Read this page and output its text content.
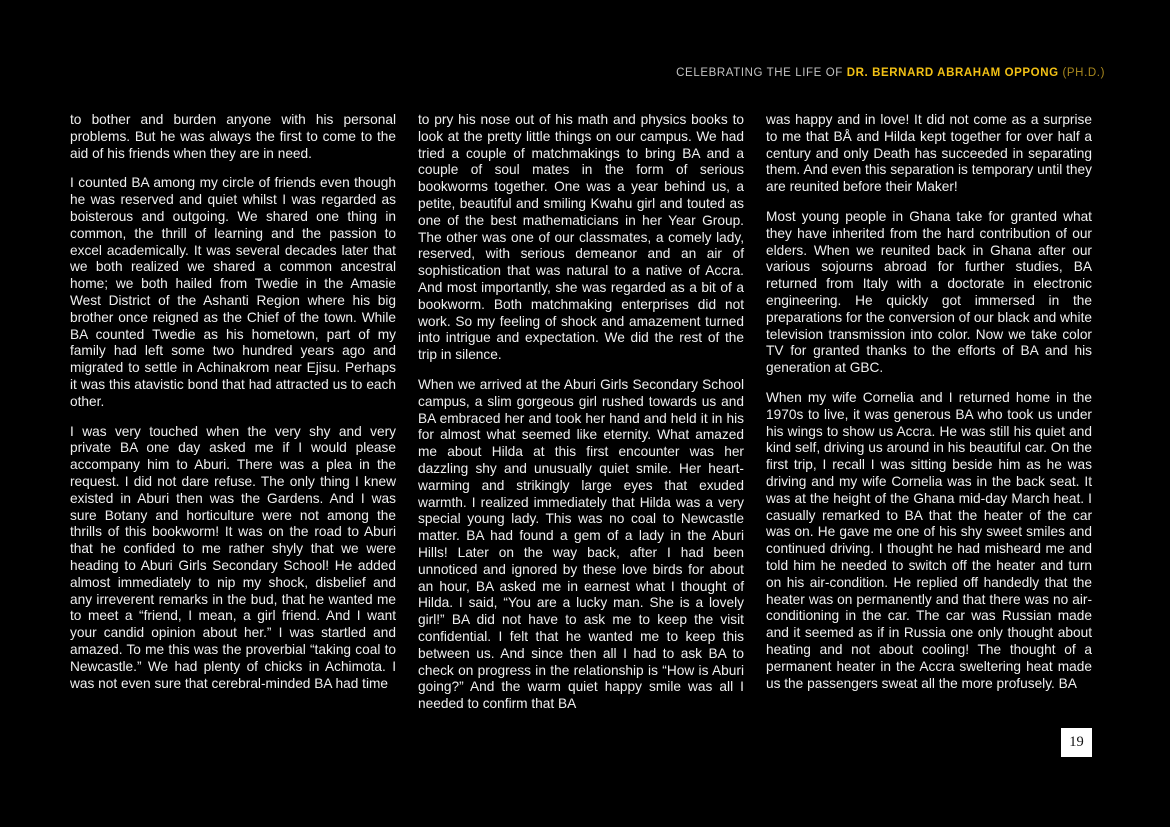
CELEBRATING THE LIFE OF DR. BERNARD ABRAHAM OPPONG (PH.D.)

to bother and burden anyone with his personal problems. But he was always the first to come to the aid of his friends when they are in need.

I counted BA among my circle of friends even though he was reserved and quiet whilst I was regarded as boisterous and outgoing. We shared one thing in common, the thrill of learning and the passion to excel academically. It was several decades later that we both realized we shared a common ancestral home; we both hailed from Twedie in the Amasie West District of the Ashanti Region where his big brother once reigned as the Chief of the town. While BA counted Twedie as his hometown, part of my family had left some two hundred years ago and migrated to settle in Achinakrom near Ejisu. Perhaps it was this atavistic bond that had attracted us to each other.

I was very touched when the very shy and very private BA one day asked me if I would please accompany him to Aburi. There was a plea in the request. I did not dare refuse. The only thing I knew existed in Aburi then was the Gardens. And I was sure Botany and horticulture were not among the thrills of this bookworm! It was on the road to Aburi that he confided to me rather shyly that we were heading to Aburi Girls Secondary School! He added almost immediately to nip my shock, disbelief and any irreverent remarks in the bud, that he wanted me to meet a “friend, I mean, a girl friend. And I want your candid opinion about her.” I was startled and amazed. To me this was the proverbial “taking coal to Newcastle.” We had plenty of chicks in Achimota. I was not even sure that cerebral-minded BA had time

to pry his nose out of his math and physics books to look at the pretty little things on our campus. We had tried a couple of matchmakings to bring BA and a couple of soul mates in the form of serious bookworms together. One was a year behind us, a petite, beautiful and smiling Kwahu girl and touted as one of the best mathematicians in her Year Group. The other was one of our classmates, a comely lady, reserved, with serious demeanor and an air of sophistication that was natural to a native of Accra. And most importantly, she was regarded as a bit of a bookworm. Both matchmaking enterprises did not work. So my feeling of shock and amazement turned into intrigue and expectation. We did the rest of the trip in silence.

When we arrived at the Aburi Girls Secondary School campus, a slim gorgeous girl rushed towards us and BA embraced her and took her hand and held it in his for almost what seemed like eternity. What amazed me about Hilda at this first encounter was her dazzling shy and unusually quiet smile. Her heart-warming and strikingly large eyes that exuded warmth. I realized immediately that Hilda was a very special young lady. This was no coal to Newcastle matter. BA had found a gem of a lady in the Aburi Hills! Later on the way back, after I had been unnoticed and ignored by these love birds for about an hour, BA asked me in earnest what I thought of Hilda. I said, “You are a lucky man. She is a lovely girl!” BA did not have to ask me to keep the visit confidential. I felt that he wanted me to keep this between us. And since then all I had to ask BA to check on progress in the relationship is “How is Aburi going?” And the warm quiet happy smile was all I needed to confirm that BA

was happy and in love! It did not come as a surprise to me that BÅ and Hilda kept together for over half a century and only Death has succeeded in separating them. And even this separation is temporary until they are reunited before their Maker!

Most young people in Ghana take for granted what they have inherited from the hard contribution of our elders. When we reunited back in Ghana after our various sojourns abroad for further studies, BA returned from Italy with a doctorate in electronic engineering. He quickly got immersed in the preparations for the conversion of our black and white television transmission into color. Now we take color TV for granted thanks to the efforts of BA and his generation at GBC.

When my wife Cornelia and I returned home in the 1970s to live, it was generous BA who took us under his wings to show us Accra. He was still his quiet and kind self, driving us around in his beautiful car. On the first trip, I recall I was sitting beside him as he was driving and my wife Cornelia was in the back seat. It was at the height of the Ghana mid-day March heat. I casually remarked to BA that the heater of the car was on. He gave me one of his shy sweet smiles and continued driving. I thought he had misheard me and told him he needed to switch off the heater and turn on his air-condition. He replied off handedly that the heater was on permanently and that there was no air-conditioning in the car. The car was Russian made and it seemed as if in Russia one only thought about heating and not about cooling! The thought of a permanent heater in the Accra sweltering heat made us the passengers sweat all the more profusely. BA

19
